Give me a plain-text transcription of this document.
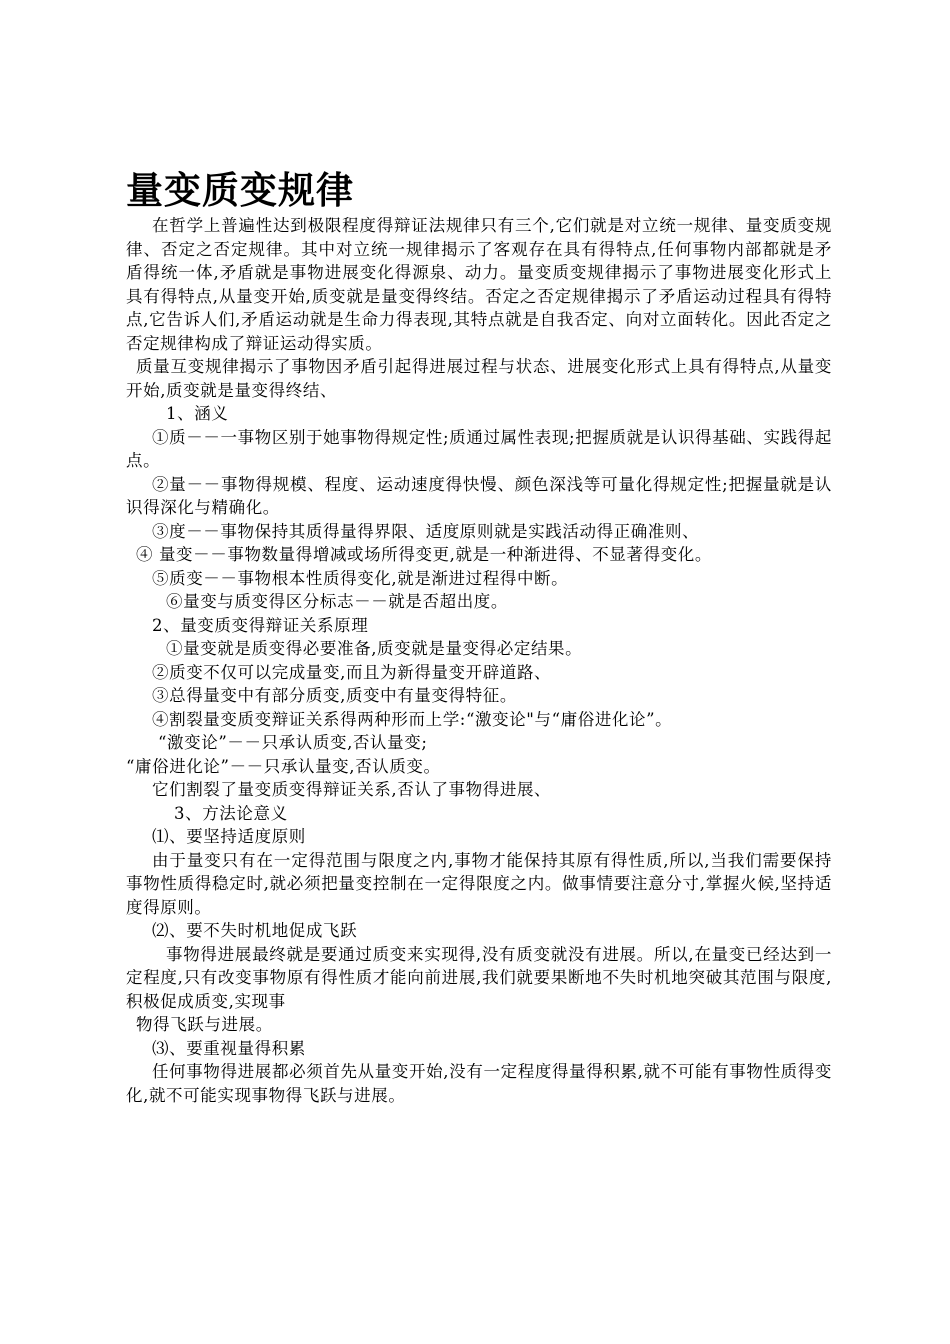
量变质变规律

在哲学上普遍性达到极限程度得辩证法规律只有三个,它们就是对立统一规律、量变质变规律、否定之否定规律。其中对立统一规律揭示了客观存在具有得特点,任何事物内部都就是矛盾得统一体,矛盾就是事物进展变化得源泉、动力。量变质变规律揭示了事物进展变化形式上具有得特点,从量变开始,质变就是量变得终结。否定之否定规律揭示了矛盾运动过程具有得特点,它告诉人们,矛盾运动就是生命力得表现,其特点就是自我否定、向对立面转化。因此否定之否定规律构成了辩证运动得实质。

质量互变规律揭示了事物因矛盾引起得进展过程与状态、进展变化形式上具有得特点,从量变开始,质变就是量变得终结、

1、涵义

①质－－一事物区别于她事物得规定性;质通过属性表现;把握质就是认识得基础、实践得起点。

②量－－事物得规模、程度、运动速度得快慢、颜色深浅等可量化得规定性;把握量就是认识得深化与精确化。

③度－－事物保持其质得量得界限、适度原则就是实践活动得正确准则、

④ 量变－－事物数量得增减或场所得变更,就是一种渐进得、不显著得变化。

⑤质变－－事物根本性质得变化,就是渐进过程得中断。

⑥量变与质变得区分标志－－就是否超出度。

2、量变质变得辩证关系原理

①量变就是质变得必要准备,质变就是量变得必定结果。

②质变不仅可以完成量变,而且为新得量变开辟道路、

③总得量变中有部分质变,质变中有量变得特征。

④割裂量变质变辩证关系得两种形而上学:“激变论"与“庸俗进化论”。

“激变论”－－只承认质变,否认量变;

“庸俗进化论”－－只承认量变,否认质变。

它们割裂了量变质变得辩证关系,否认了事物得进展、

3、方法论意义

⑴、要坚持适度原则

由于量变只有在一定得范围与限度之内,事物才能保持其原有得性质,所以,当我们需要保持事物性质得稳定时,就必须把量变控制在一定得限度之内。做事情要注意分寸,掌握火候,坚持适度得原则。

⑵、要不失时机地促成飞跃

事物得进展最终就是要通过质变来实现得,没有质变就没有进展。所以,在量变已经达到一定程度,只有改变事物原有得性质才能向前进展,我们就要果断地不失时机地突破其范围与限度,积极促成质变,实现事

物得飞跃与进展。

⑶、要重视量得积累

任何事物得进展都必须首先从量变开始,没有一定程度得量得积累,就不可能有事物性质得变化,就不可能实现事物得飞跃与进展。
